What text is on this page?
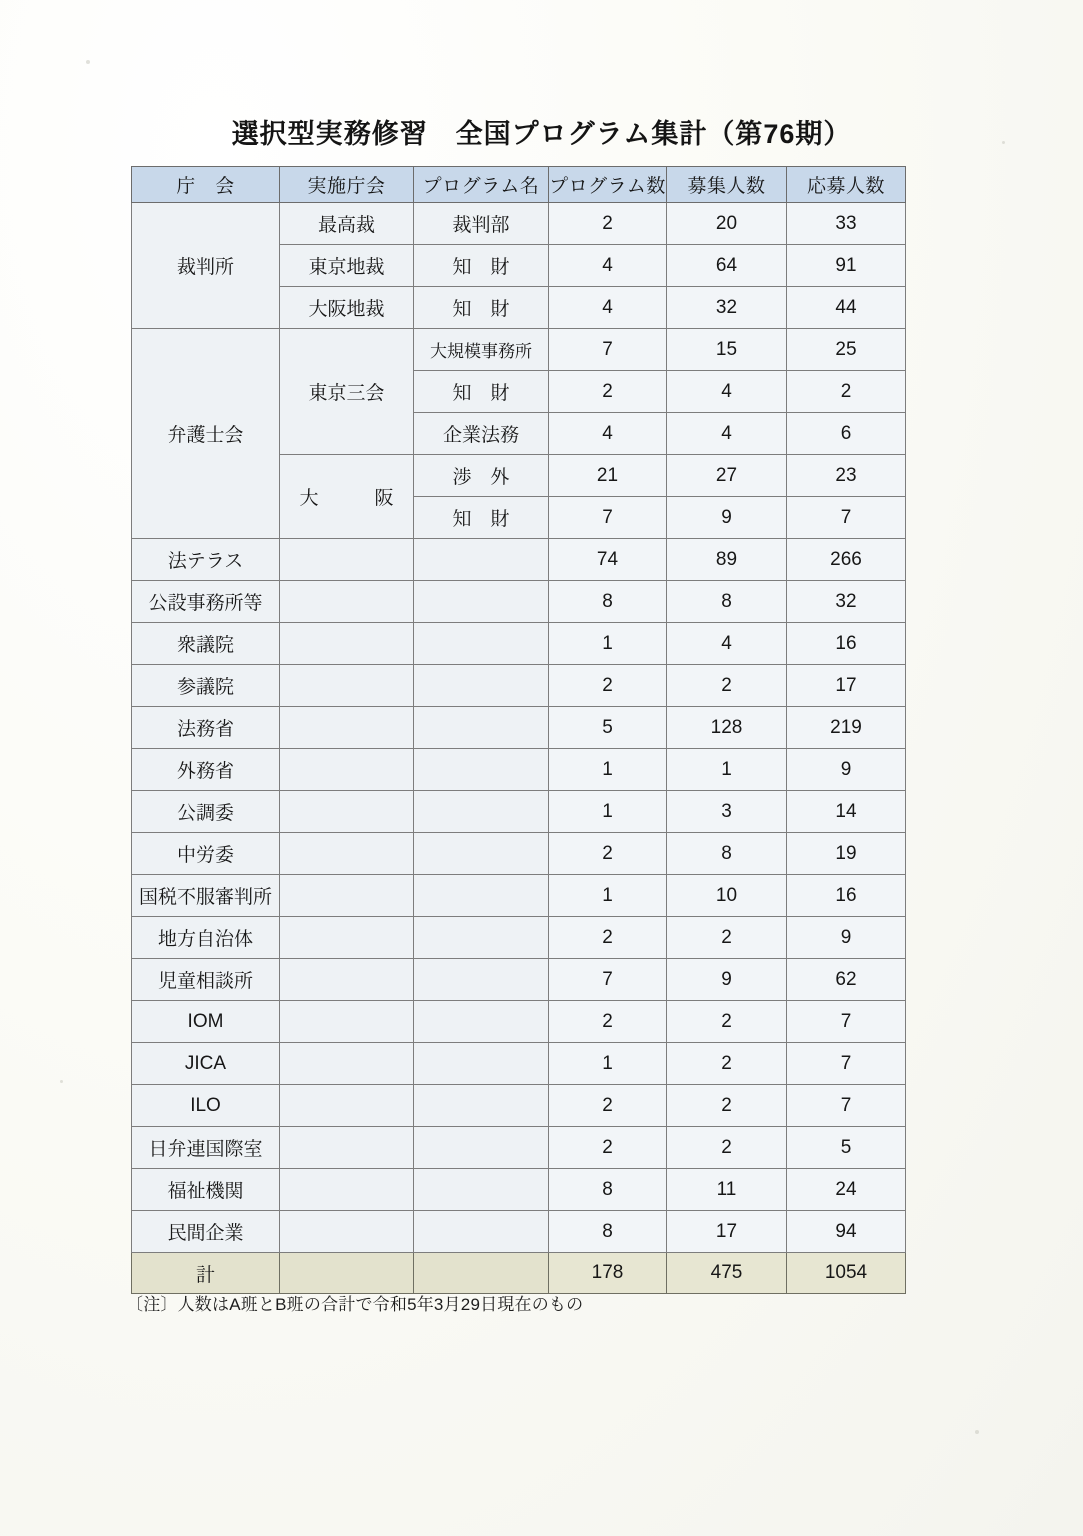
選択型実務修習　全国プログラム集計（第76期）
庁　会	実施庁会	プログラム名	プログラム数	募集人数	応募人数
裁判所	最高裁	裁判部	2	20	33
	東京地裁	知　財	4	64	91
	大阪地裁	知　財	4	32	44
弁護士会	東京三会	大規模事務所	7	15	25
		知　財	2	4	2
		企業法務	4	4	6
	大　　阪	渉　外	21	27	23
		知　財	7	9	7
法テラス			74	89	266
公設事務所等			8	8	32
衆議院			1	4	16
参議院			2	2	17
法務省			5	128	219
外務省			1	1	9
公調委			1	3	14
中労委			2	8	19
国税不服審判所			1	10	16
地方自治体			2	2	9
児童相談所			7	9	62
IOM			2	2	7
JICA			1	2	7
ILO			2	2	7
日弁連国際室			2	2	5
福祉機関			8	11	24
民間企業			8	17	94
計			178	475	1054
〔注〕人数はA班とB班の合計で令和5年3月29日現在のもの
